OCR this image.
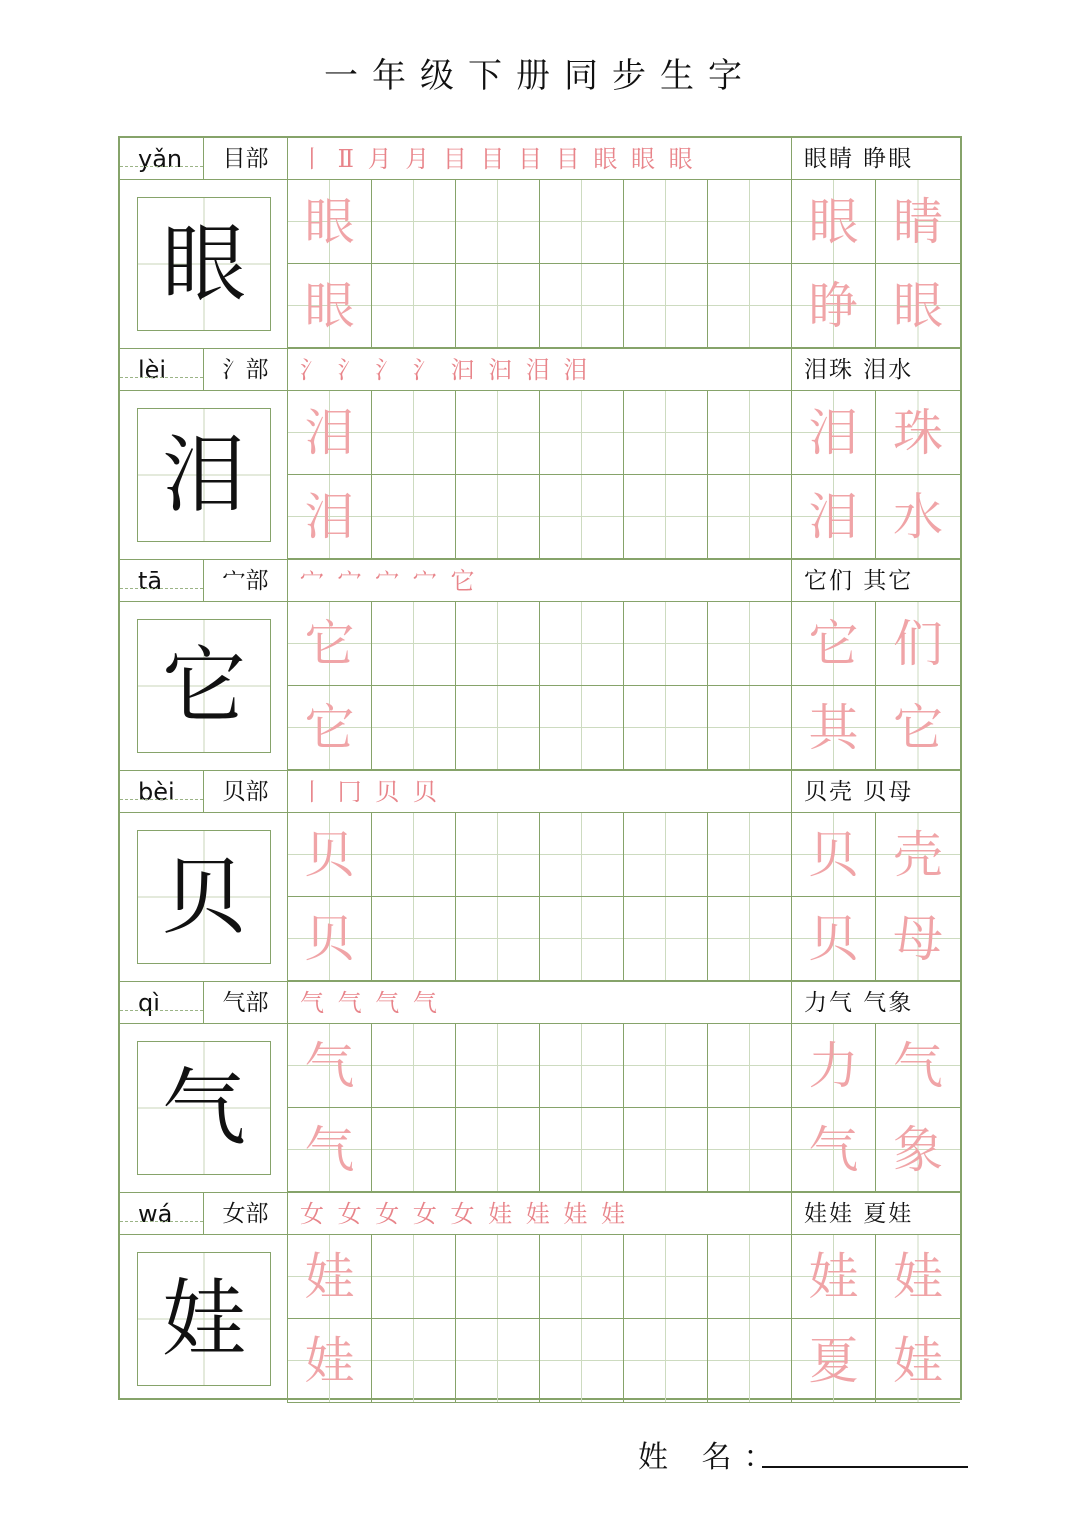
一年级下册同步生字
yǎn	目部	丨 Ⅱ 月 月 目 目 目 目 眼 眼 眼	眼睛 睁眼
眼	眼	眼 睛
眼	睁 眼
lèi	氵部	氵 氵 氵 氵 汩 汩 泪 泪	泪珠 泪水
泪	泪	泪 珠
泪	泪 水
tā	宀部	宀 宀 宀 宀 它	它们 其它
它	它	它 们
它	其 它
bèi	贝部	丨 冂 贝 贝	贝壳 贝母
贝	贝	贝 壳
贝	贝 母
qì	气部	气 气 气 气	力气 气象
气	气	力 气
气	气 象
wá	女部	女 女 女 女 女 娃 娃 娃 娃	娃娃 夏娃
娃	娃	娃 娃
娃	夏 娃
姓 名：
